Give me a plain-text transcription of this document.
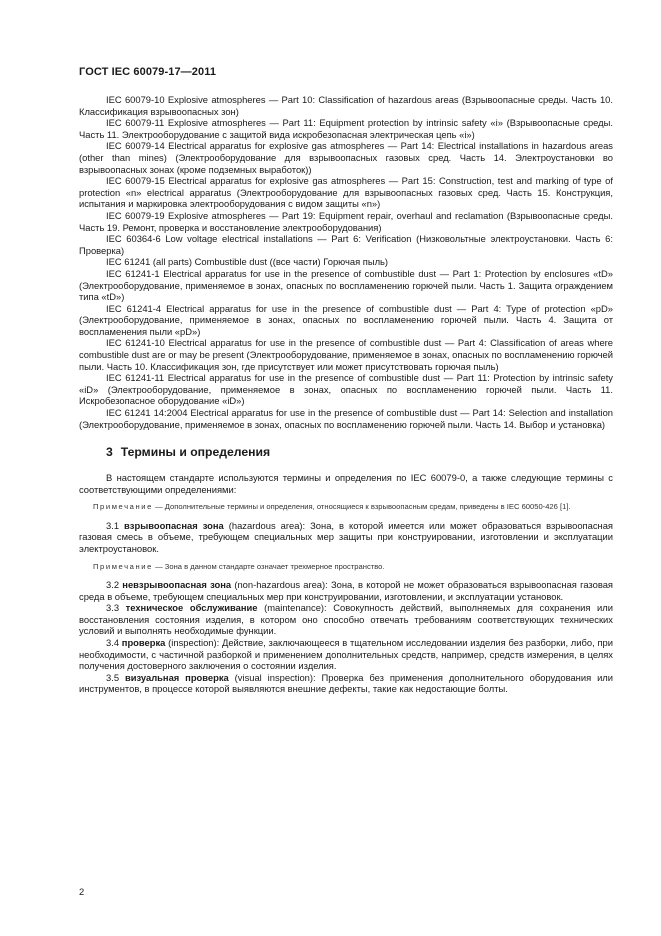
ГОСТ IEC 60079-17—2011

IEC 60079-10 Explosive atmospheres — Part 10: Classification of hazardous areas (Взрывоопасные среды. Часть 10. Классификация взрывоопасных зон)

IEC 60079-11 Explosive atmospheres — Part 11: Equipment protection by intrinsic safety «i» (Взрывоопасные среды. Часть 11. Электрооборудование с защитой вида искробезопасная электрическая цепь «i»)

IEC 60079-14 Electrical apparatus for explosive gas atmospheres — Part 14: Electrical installations in hazardous areas (other than mines) (Электрооборудование для взрывоопасных газовых сред. Часть 14. Электроустановки во взрывоопасных зонах (кроме подземных выработок))

IEC 60079-15 Electrical apparatus for explosive gas atmospheres — Part 15: Construction, test and marking of type of protection «n» electrical apparatus (Электрооборудование для взрывоопасных газовых сред. Часть 15. Конструкция, испытания и маркировка электрооборудования с видом защиты «n»)

IEC 60079-19 Explosive atmospheres — Part 19: Equipment repair, overhaul and reclamation (Взрывоопасные среды. Часть 19. Ремонт, проверка и восстановление электрооборудования)

IEC 60364-6 Low voltage electrical installations — Part 6: Verification (Низковольтные электроустановки. Часть 6: Проверка)

IEC 61241 (all parts) Combustible dust ((все части) Горючая пыль)

IEC 61241-1 Electrical apparatus for use in the presence of combustible dust — Part 1: Protection by enclosures «tD» (Электрооборудование, применяемое в зонах, опасных по воспламенению горючей пыли. Часть 1. Защита ограждением типа «tD»)

IEC 61241-4 Electrical apparatus for use in the presence of combustible dust — Part 4: Type of protection «pD» (Электрооборудование, применяемое в зонах, опасных по воспламенению горючей пыли. Часть 4. Защита от воспламенения пыли «pD»)

IEC 61241-10 Electrical apparatus for use in the presence of combustible dust — Part 4: Classification of areas where combustible dust are or may be present (Электрооборудование, применяемое в зонах, опасных по воспламенению горючей пыли. Часть 10. Классификация зон, где присутствует или может присутствовать горючая пыль)

IEC 61241-11 Electrical apparatus for use in the presence of combustible dust — Part 11: Protection by intrinsic safety «iD» (Электрооборудование, применяемое в зонах, опасных по воспламенению горючей пыли. Часть 11. Искробезопасное оборудование «iD»)

IEC 61241 14:2004 Electrical apparatus for use in the presence of combustible dust — Part 14: Selection and installation (Электрооборудование, применяемое в зонах, опасных по воспламенению горючей пыли. Часть 14. Выбор и установка)

3 Термины и определения

В настоящем стандарте используются термины и определения по IEC 60079-0, а также следующие термины с соответствующими определениями:

Примечание — Дополнительные термины и определения, относящиеся к взрывоопасным средам, приведены в IEC 60050-426 [1].

3.1 взрывоопасная зона (hazardous area): Зона, в которой имеется или может образоваться взрывоопасная газовая смесь в объеме, требующем специальных мер защиты при конструировании, изготовлении и эксплуатации электроустановок.

Примечание — Зона в данном стандарте означает трехмерное пространство.

3.2 невзрывоопасная зона (non-hazardous area): Зона, в которой не может образоваться взрывоопасная газовая среда в объеме, требующем специальных мер при конструировании, изготовлении, и эксплуатации установок.

3.3 техническое обслуживание (maintenance): Совокупность действий, выполняемых для сохранения или восстановления состояния изделия, в котором оно способно отвечать требованиям соответствующих технических условий и выполнять необходимые функции.

3.4 проверка (inspection): Действие, заключающееся в тщательном исследовании изделия без разборки, либо, при необходимости, с частичной разборкой и применением дополнительных средств, например, средств измерения, в целях получения достоверного заключения о состоянии изделия.

3.5 визуальная проверка (visual inspection): Проверка без применения дополнительного оборудования или инструментов, в процессе которой выявляются внешние дефекты, такие как недостающие болты.

2
